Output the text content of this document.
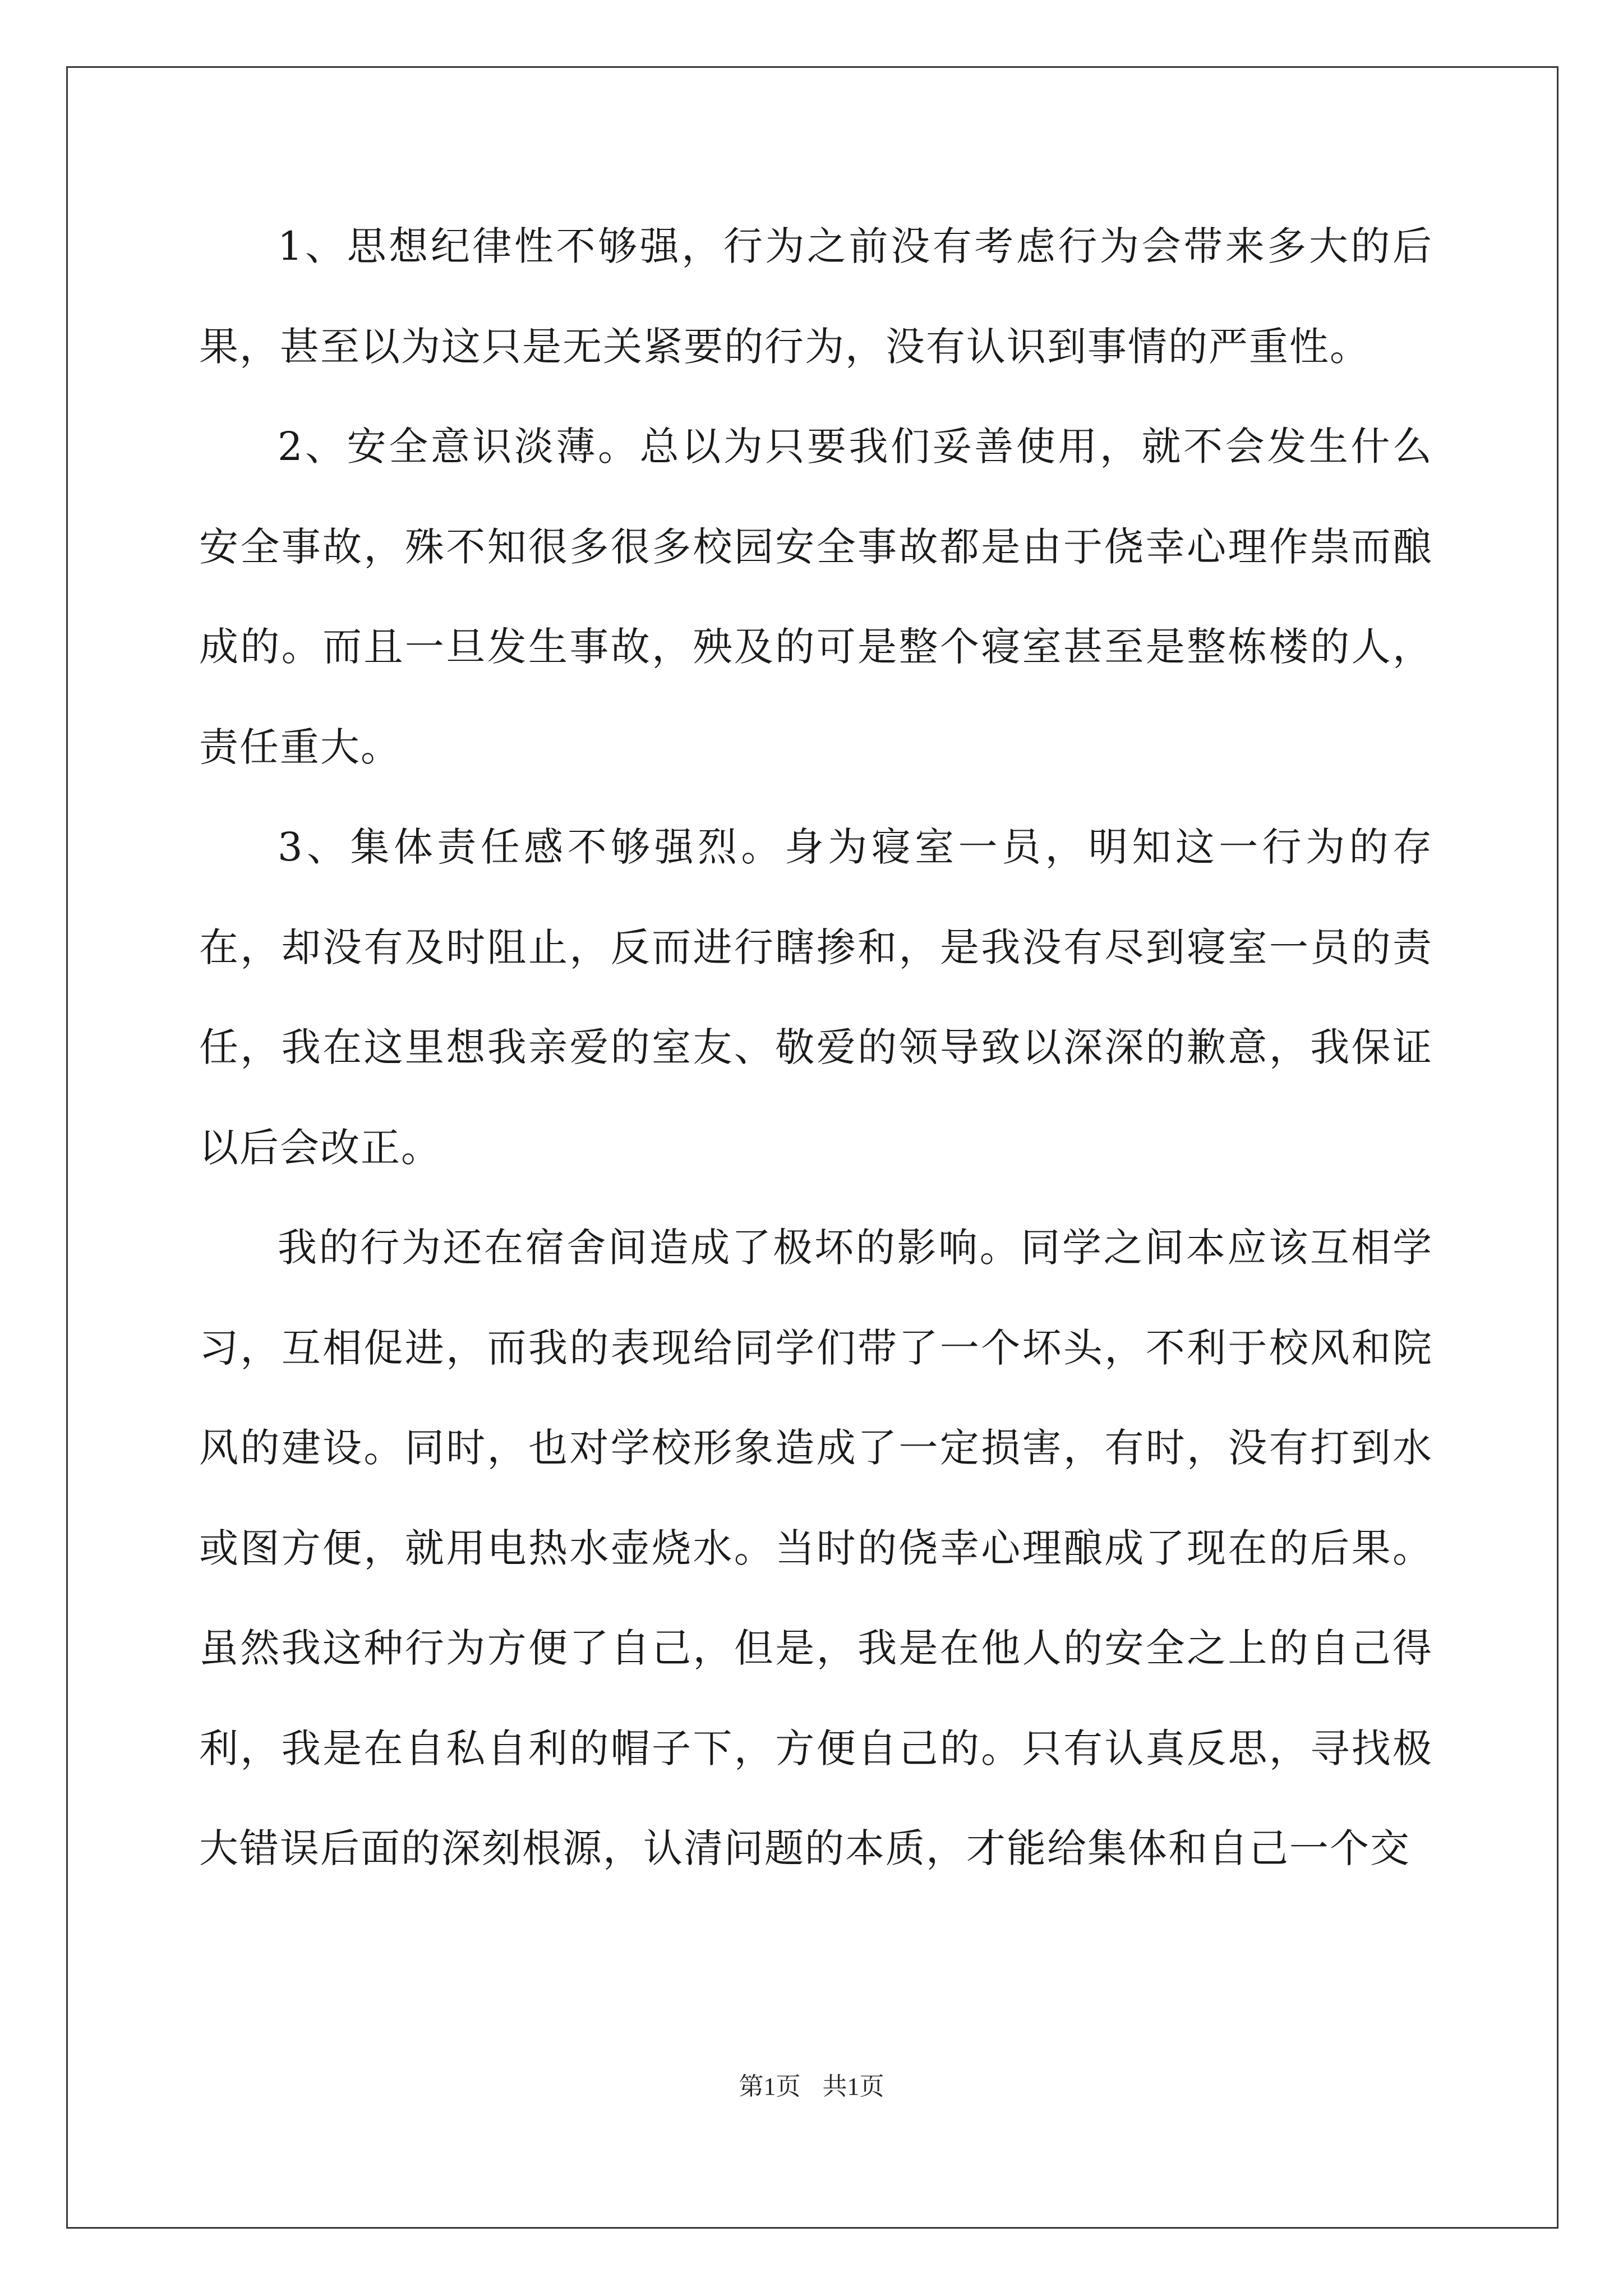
1、思想纪律性不够强，行为之前没有考虑行为会带来多大的后果，甚至以为这只是无关紧要的行为，没有认识到事情的严重性。

2、安全意识淡薄。总以为只要我们妥善使用，就不会发生什么安全事故，殊不知很多很多校园安全事故都是由于侥幸心理作祟而酿成的。而且一旦发生事故，殃及的可是整个寝室甚至是整栋楼的人，责任重大。

3、集体责任感不够强烈。身为寝室一员，明知这一行为的存在，却没有及时阻止，反而进行瞎掺和，是我没有尽到寝室一员的责任，我在这里想我亲爱的室友、敬爱的领导致以深深的歉意，我保证以后会改正。

我的行为还在宿舍间造成了极坏的影响。同学之间本应该互相学习，互相促进，而我的表现给同学们带了一个坏头，不利于校风和院风的建设。同时，也对学校形象造成了一定损害，有时，没有打到水或图方便，就用电热水壶烧水。当时的侥幸心理酿成了现在的后果。虽然我这种行为方便了自己，但是，我是在他人的安全之上的自己得利，我是在自私自利的帽子下，方便自己的。只有认真反思，寻找极大错误后面的深刻根源，认清问题的本质，才能给集体和自己一个交

第1页 共1页
